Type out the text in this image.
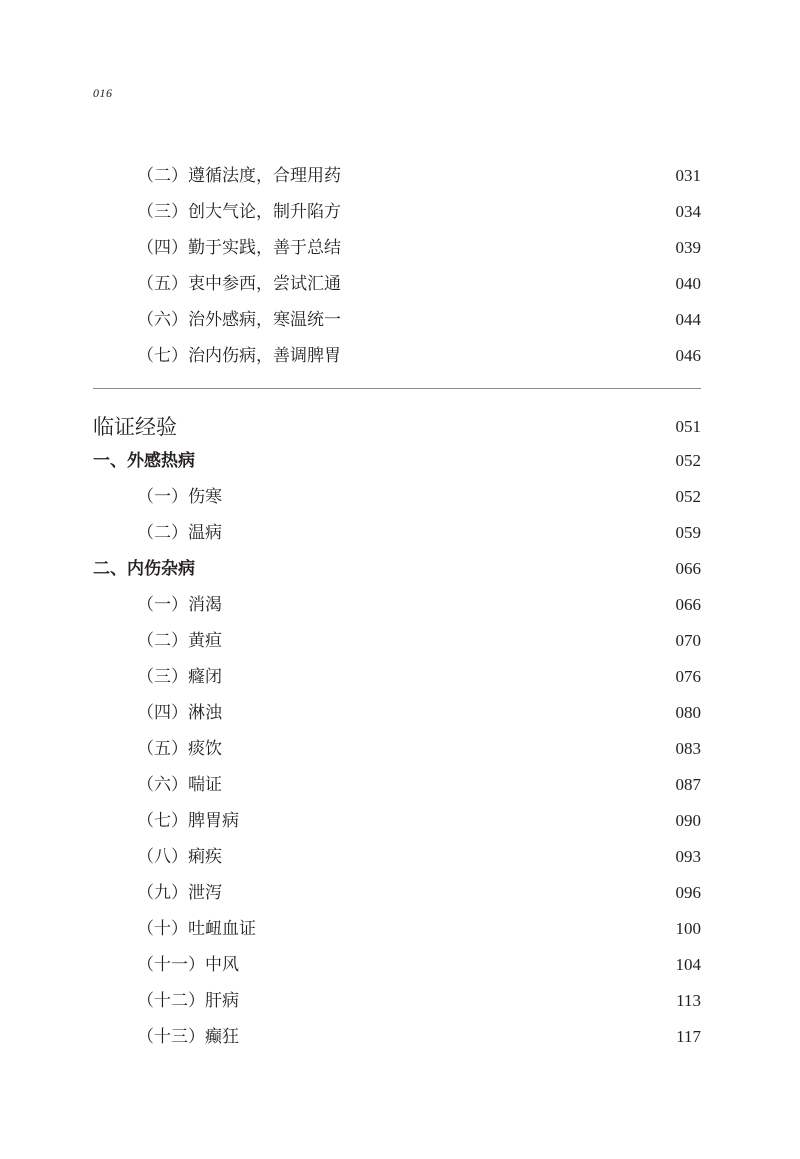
016
（二）遵循法度，合理用药	031
（三）创大气论，制升陷方	034
（四）勤于实践，善于总结	039
（五）衷中参西，尝试汇通	040
（六）治外感病，寒温统一	044
（七）治内伤病，善调脾胃	046
临证经验	051
一、外感热病	052
（一）伤寒	052
（二）温病	059
二、内伤杂病	066
（一）消渴	066
（二）黄疸	070
（三）癃闭	076
（四）淋浊	080
（五）痰饮	083
（六）喘证	087
（七）脾胃病	090
（八）痢疾	093
（九）泄泻	096
（十）吐衄血证	100
（十一）中风	104
（十二）肝病	113
（十三）癫狂	117
